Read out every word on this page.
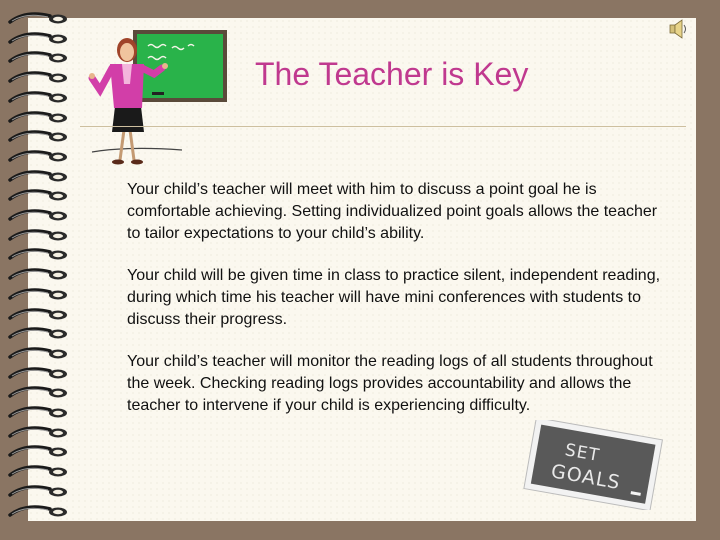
The Teacher is Key
Your child’s teacher will meet with him to discuss a point goal he is comfortable achieving. Setting individualized point goals allows the teacher to tailor expectations to your child’s ability.
Your child will be given time in class to practice silent, independent reading, during which time his teacher will have mini conferences with students to discuss their progress.
Your child’s teacher will monitor the reading logs of all students throughout the week. Checking reading logs provides accountability and allows the teacher to intervene if your child is experiencing difficulty.
SET
GOALS
